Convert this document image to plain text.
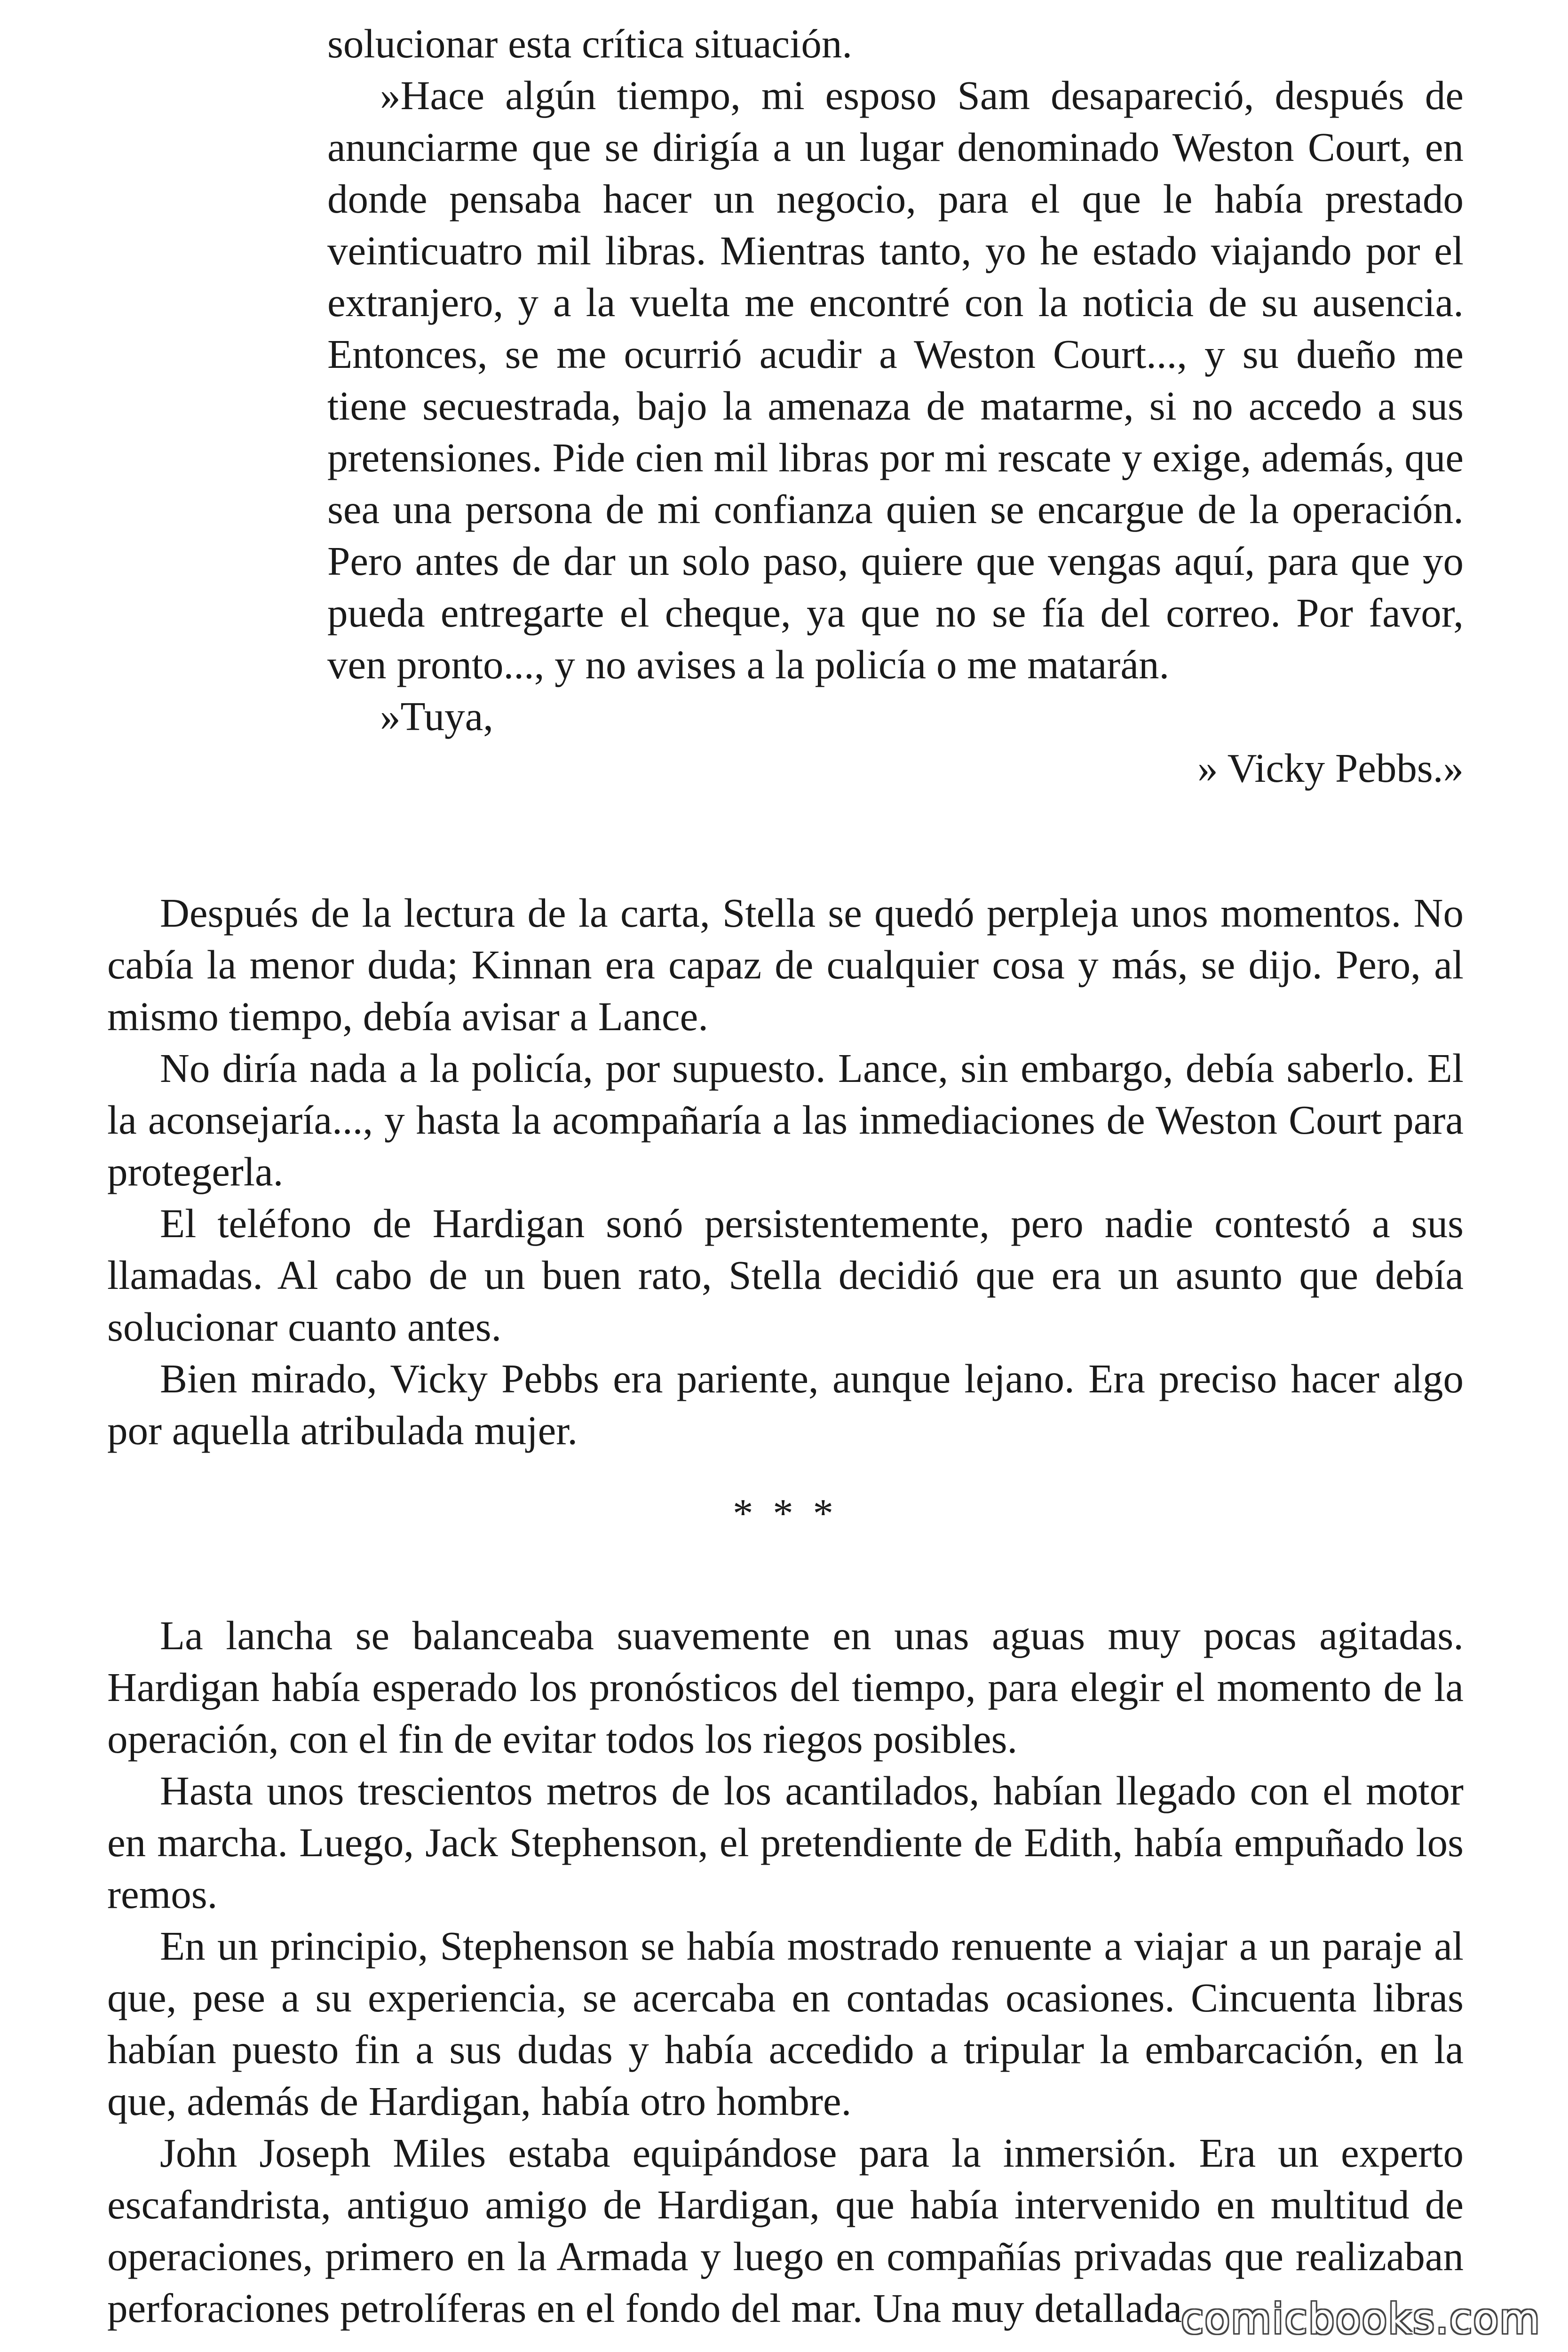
solucionar esta crítica situación.

»Hace algún tiempo, mi esposo Sam desapareció, después de anunciarme que se dirigía a un lugar denominado Weston Court, en donde pensaba hacer un negocio, para el que le había prestado veinticuatro mil libras. Mientras tanto, yo he estado viajando por el extranjero, y a la vuelta me encontré con la noticia de su ausencia. Entonces, se me ocurrió acudir a Weston Court..., y su dueño me tiene secuestrada, bajo la amenaza de matarme, si no accedo a sus pretensiones. Pide cien mil libras por mi rescate y exige, además, que sea una persona de mi confianza quien se encargue de la operación. Pero antes de dar un solo paso, quiere que vengas aquí, para que yo pueda entregarte el cheque, ya que no se fía del correo. Por favor, ven pronto..., y no avises a la policía o me matarán.

»Tuya,

» Vicky Pebbs.»

Después de la lectura de la carta, Stella se quedó perpleja unos momentos. No cabía la menor duda; Kinnan era capaz de cualquier cosa y más, se dijo. Pero, al mismo tiempo, debía avisar a Lance.

No diría nada a la policía, por supuesto. Lance, sin embargo, debía saberlo. El la aconsejaría..., y hasta la acompañaría a las inmediaciones de Weston Court para protegerla.

El teléfono de Hardigan sonó persistentemente, pero nadie contestó a sus llamadas. Al cabo de un buen rato, Stella decidió que era un asunto que debía solucionar cuanto antes.

Bien mirado, Vicky Pebbs era pariente, aunque lejano. Era preciso hacer algo por aquella atribulada mujer.

* * *

La lancha se balanceaba suavemente en unas aguas muy pocas agitadas. Hardigan había esperado los pronósticos del tiempo, para elegir el momento de la operación, con el fin de evitar todos los riegos posibles.

Hasta unos trescientos metros de los acantilados, habían llegado con el motor en marcha. Luego, Jack Stephenson, el pretendiente de Edith, había empuñado los remos.

En un principio, Stephenson se había mostrado renuente a viajar a un paraje al que, pese a su experiencia, se acercaba en contadas ocasiones. Cincuenta libras habían puesto fin a sus dudas y había accedido a tripular la embarcación, en la que, además de Hardigan, había otro hombre.

John Joseph Miles estaba equipándose para la inmersión. Era un experto escafandrista, antiguo amigo de Hardigan, que había intervenido en multitud de operaciones, primero en la Armada y luego en compañías privadas que realizaban perforaciones petrolíferas en el fondo del mar. Una muy detallada

comicbooks.com
